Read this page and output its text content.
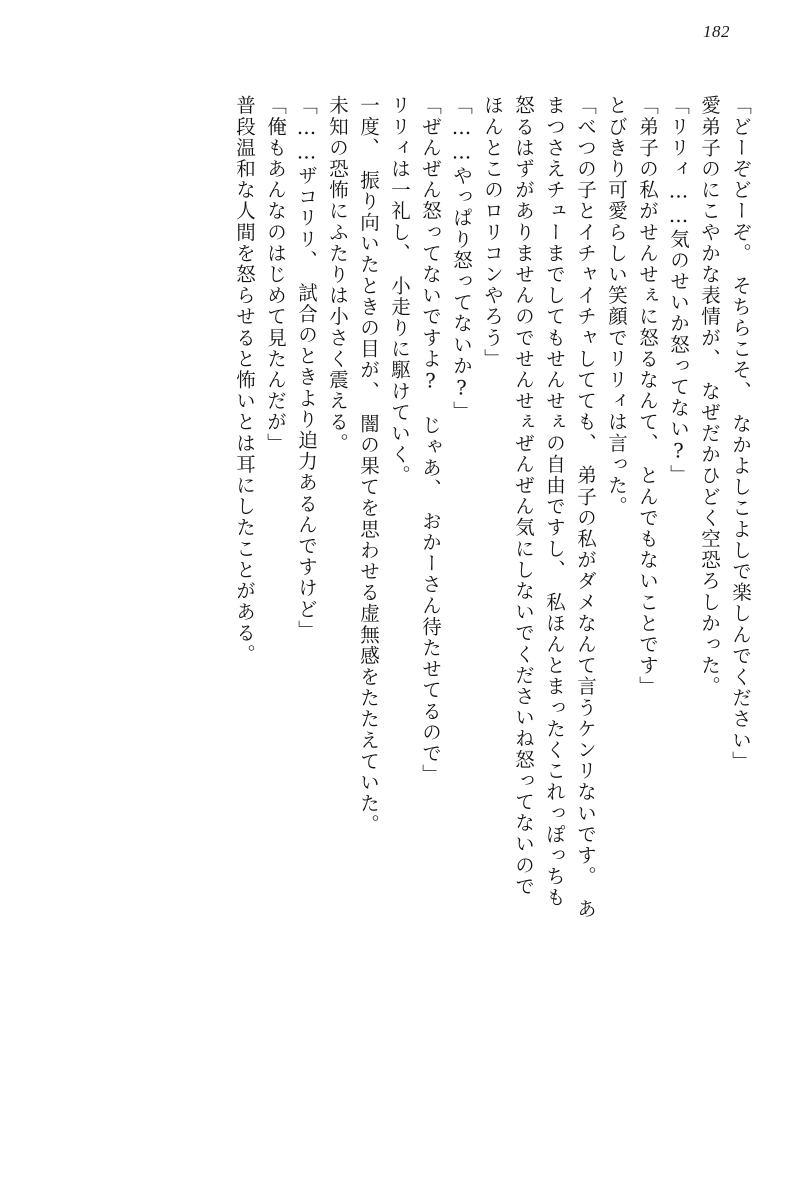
182
「どーぞどーぞ。　そちらこそ、　なかよしこよしで楽しんでください」
愛弟子のにこやかな表情が、　なぜだかひどく空恐ろしかった。
「リリィ……気のせいか怒ってない?」
「弟子の私がせんせぇに怒るなんて、　とんでもないことです」
とびきり可愛らしい笑顔でリリィは言った。
「べつの子とイチャイチャしてても、　弟子の私がダメなんて言うケンリないです。　あ
まつさえチューまでしてもせんせぇの自由ですし、　私ほんとまったくこれっぽっちも
怒るはずがありませんのでせんせぇぜんぜん気にしないでくださいね怒ってないので
ほんとこのロリコンやろう」
「……やっぱり怒ってないか?」
「ぜんぜん怒ってないですよ?　じゃあ、　おかーさん待たせてるので」
リリィは一礼し、　小走りに駆けていく。
一度、　振り向いたときの目が、　闇の果てを思わせる虚無感をたたえていた。
未知の恐怖にふたりは小さく震える。
「……ザコリリ、　試合のときより迫力あるんですけど」
「俺もあんなのはじめて見たんだが」
普段温和な人間を怒らせると怖いとは耳にしたことがある。
